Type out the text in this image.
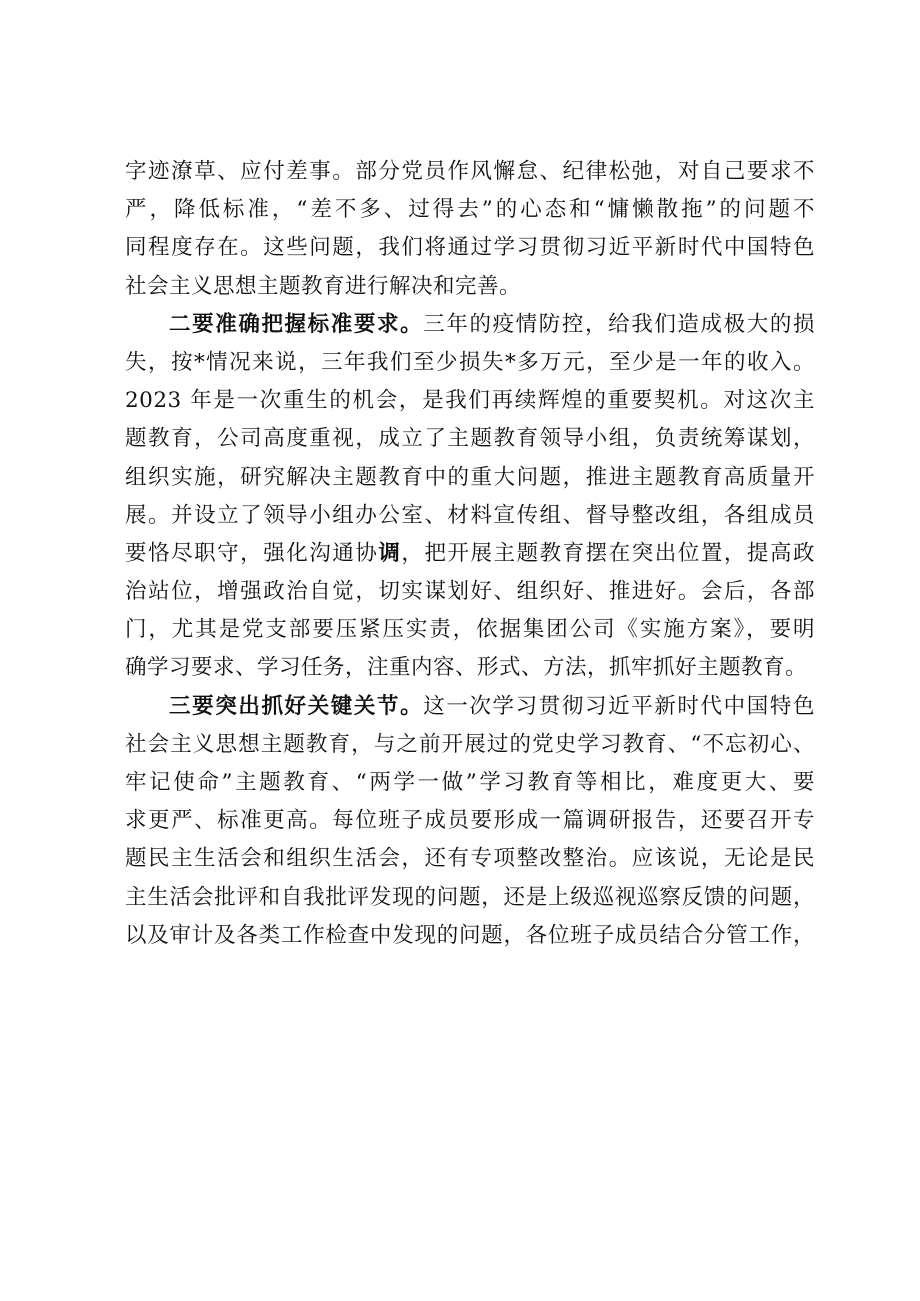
字迹潦草、应付差事。部分党员作风懈怠、纪律松弛，对自己要求不
严，降低标准，“差不多、过得去”的心态和“慵懒散拖”的问题不
同程度存在。这些问题，我们将通过学习贯彻习近平新时代中国特色
社会主义思想主题教育进行解决和完善。
二要准确把握标准要求。三年的疫情防控，给我们造成极大的损
失，按*情况来说，三年我们至少损失*多万元，至少是一年的收入。
2023 年是一次重生的机会，是我们再续辉煌的重要契机。对这次主
题教育，公司高度重视，成立了主题教育领导小组，负责统筹谋划，
组织实施，研究解决主题教育中的重大问题，推进主题教育高质量开
展。并设立了领导小组办公室、材料宣传组、督导整改组，各组成员
要恪尽职守，强化沟通协调，把开展主题教育摆在突出位置，提高政
治站位，增强政治自觉，切实谋划好、组织好、推进好。会后，各部
门，尤其是党支部要压紧压实责，依据集团公司《实施方案》，要明
确学习要求、学习任务，注重内容、形式、方法，抓牢抓好主题教育。
三要突出抓好关键关节。这一次学习贯彻习近平新时代中国特色
社会主义思想主题教育，与之前开展过的党史学习教育、“不忘初心、
牢记使命”主题教育、“两学一做”学习教育等相比，难度更大、要
求更严、标准更高。每位班子成员要形成一篇调研报告，还要召开专
题民主生活会和组织生活会，还有专项整改整治。应该说，无论是民
主生活会批评和自我批评发现的问题，还是上级巡视巡察反馈的问题，
以及审计及各类工作检查中发现的问题，各位班子成员结合分管工作，
